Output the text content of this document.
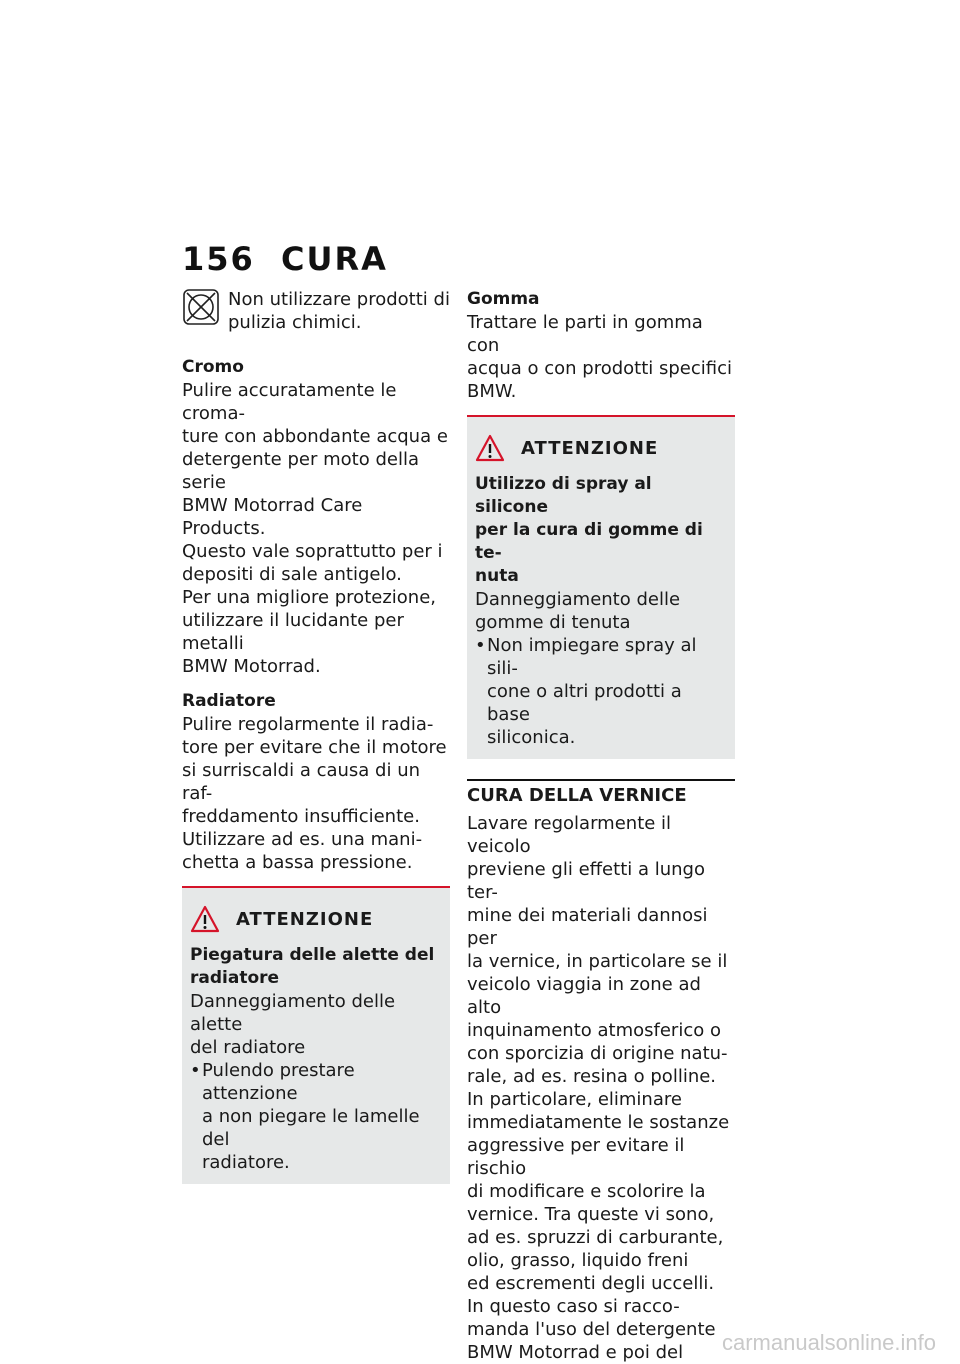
156 CURA

Non utilizzare prodotti di

pulizia chimici.

Cromo

Pulire accuratamente le croma-

ture con abbondante acqua e

detergente per moto della serie

BMW Motorrad Care Products.

Questo vale soprattutto per i

depositi di sale antigelo.

Per una migliore protezione,

utilizzare il lucidante per metalli

BMW Motorrad.

Radiatore

Pulire regolarmente il radia-

tore per evitare che il motore

si surriscaldi a causa di un raf-

freddamento insufficiente.

Utilizzare ad es. una mani-

chetta a bassa pressione.

ATTENZIONE

Piegatura delle alette del

radiatore

Danneggiamento delle alette

del radiatore

• Pulendo prestare attenzione
a non piegare le lamelle del
radiatore.

Gomma

Trattare le parti in gomma con

acqua o con prodotti specifici

BMW.

ATTENZIONE

Utilizzo di spray al silicone

per la cura di gomme di te-

nuta

Danneggiamento delle

gomme di tenuta

• Non impiegare spray al sili-
cone o altri prodotti a base
siliconica.

CURA DELLA VERNICE

Lavare regolarmente il veicolo

previene gli effetti a lungo ter-

mine dei materiali dannosi per

la vernice, in particolare se il

veicolo viaggia in zone ad alto

inquinamento atmosferico o

con sporcizia di origine natu-

rale, ad es. resina o polline.

In particolare, eliminare

immediatamente le sostanze

aggressive per evitare il rischio

di modificare e scolorire la

vernice. Tra queste vi sono,

ad es. spruzzi di carburante,

olio, grasso, liquido freni

ed escrementi degli uccelli.

In questo caso si racco-

manda l'uso del detergente

BMW Motorrad e poi del	carmanualsonline.info
